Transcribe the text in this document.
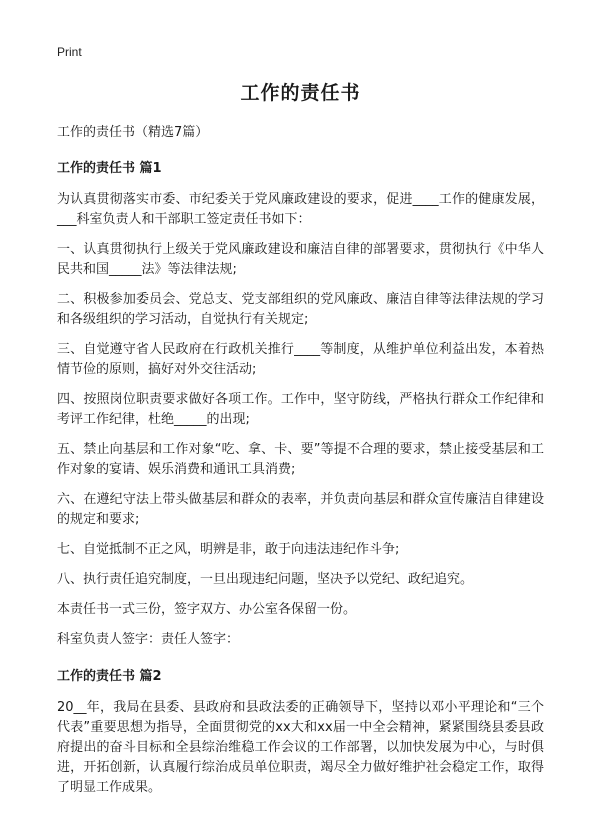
Print
工作的责任书
工作的责任书（精选7篇）
工作的责任书 篇1

为认真贯彻落实市委、市纪委关于党风廉政建设的要求，促进____工作的健康发展，___科室负责人和干部职工签定责任书如下：

一、认真贯彻执行上级关于党风廉政建设和廉洁自律的部署要求，贯彻执行《中华人民共和国_____法》等法律法规;

二、积极参加委员会、党总支、党支部组织的党风廉政、廉洁自律等法律法规的学习和各级组织的学习活动，自觉执行有关规定;

三、自觉遵守省人民政府在行政机关推行____等制度，从维护单位利益出发，本着热情节俭的原则，搞好对外交往活动;

四、按照岗位职责要求做好各项工作。工作中，坚守防线，严格执行群众工作纪律和考评工作纪律，杜绝_____的出现;

五、禁止向基层和工作对象“吃、拿、卡、要”等提不合理的要求，禁止接受基层和工作对象的宴请、娱乐消费和通讯工具消费;

六、在遵纪守法上带头做基层和群众的表率，并负责向基层和群众宣传廉洁自律建设的规定和要求;

七、自觉抵制不正之风，明辨是非，敢于向违法违纪作斗争;

八、执行责任追究制度，一旦出现违纪问题，坚决予以党纪、政纪追究。

本责任书一式三份，签字双方、办公室各保留一份。

科室负责人签字：责任人签字：

工作的责任书 篇2

20__年，我局在县委、县政府和县政法委的正确领导下，坚持以邓小平理论和“三个代表”重要思想为指导，全面贯彻党的xx大和xx届一中全会精神，紧紧围绕县委县政府提出的奋斗目标和全县综治维稳工作会议的工作部署，以加快发展为中心，与时俱进，开拓创新，认真履行综治成员单位职责，竭尽全力做好维护社会稳定工作，取得了明显工作成果。
